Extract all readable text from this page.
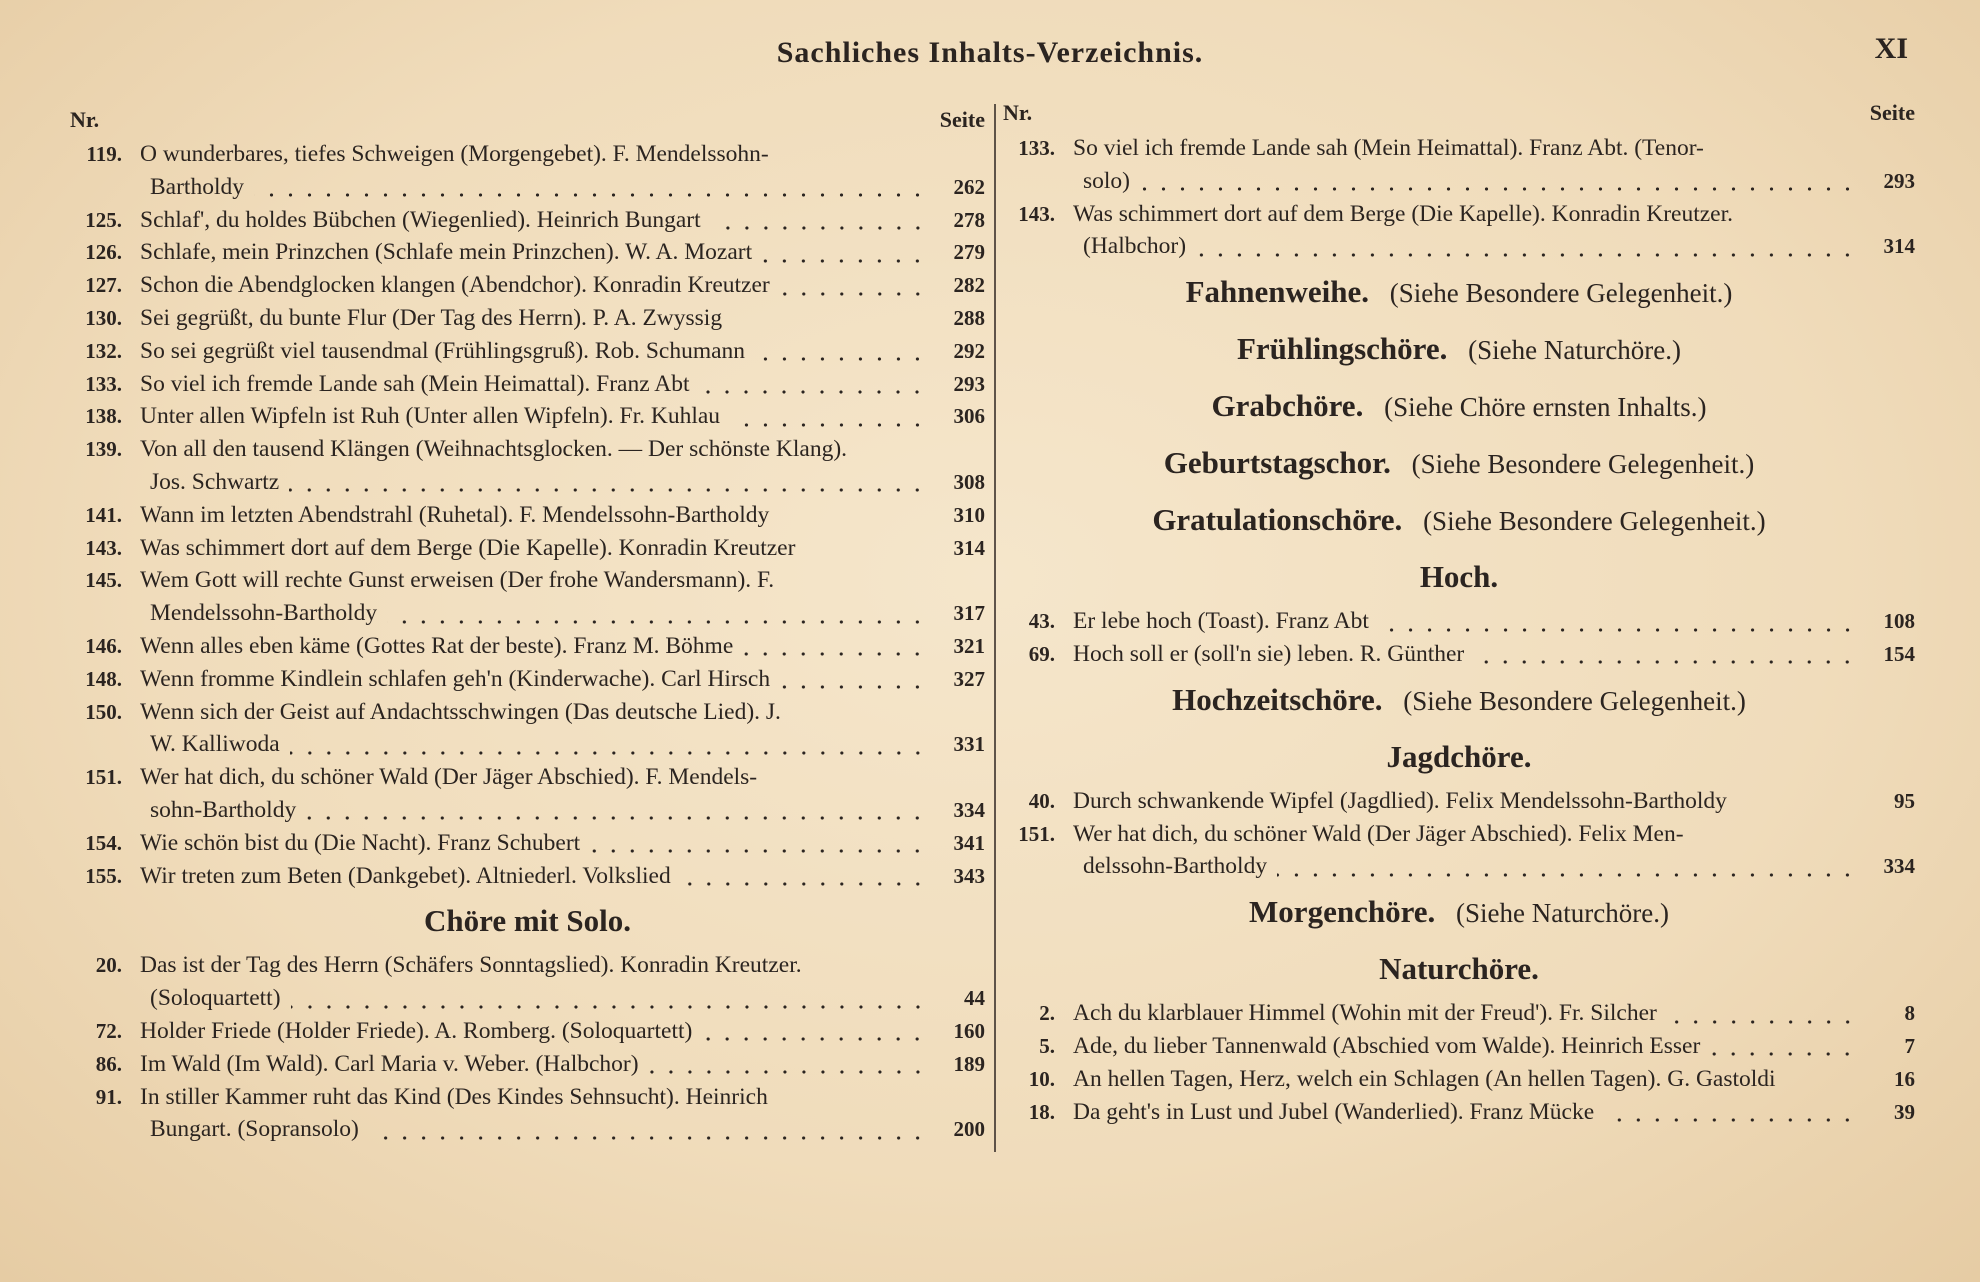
Sachliches Inhalts-Verzeichnis.	XI
Nr.	Seite
119. O wunderbares, tiefes Schweigen (Morgengebet). F. Mendelssohn-
Bartholdy	262
125. Schlaf', du holdes Bübchen (Wiegenlied). Heinrich Bungart	278
126. Schlafe, mein Prinzchen (Schlafe mein Prinzchen). W. A. Mozart	279
127. Schon die Abendglocken klangen (Abendchor). Konradin Kreutzer	282
130. Sei gegrüßt, du bunte Flur (Der Tag des Herrn). P. A. Zwyssig	288
132. So sei gegrüßt viel tausendmal (Frühlingsgruß). Rob. Schumann	292
133. So viel ich fremde Lande sah (Mein Heimattal). Franz Abt	293
138. Unter allen Wipfeln ist Ruh (Unter allen Wipfeln). Fr. Kuhlau	306
139. Von all den tausend Klängen (Weihnachtsglocken. — Der schönste Klang).
Jos. Schwartz	308
141. Wann im letzten Abendstrahl (Ruhetal). F. Mendelssohn-Bartholdy	310
143. Was schimmert dort auf dem Berge (Die Kapelle). Konradin Kreutzer	314
145. Wem Gott will rechte Gunst erweisen (Der frohe Wandersmann). F.
Mendelssohn-Bartholdy	317
146. Wenn alles eben käme (Gottes Rat der beste). Franz M. Böhme	321
148. Wenn fromme Kindlein schlafen geh'n (Kinderwache). Carl Hirsch	327
150. Wenn sich der Geist auf Andachtsschwingen (Das deutsche Lied). J.
W. Kalliwoda	331
151. Wer hat dich, du schöner Wald (Der Jäger Abschied). F. Mendels-
sohn-Bartholdy	334
154. Wie schön bist du (Die Nacht). Franz Schubert	341
155. Wir treten zum Beten (Dankgebet). Altniederl. Volkslied	343
Chöre mit Solo.
20. Das ist der Tag des Herrn (Schäfers Sonntagslied). Konradin Kreutzer.
(Soloquartett)	44
72. Holder Friede (Holder Friede). A. Romberg. (Soloquartett)	160
86. Im Wald (Im Wald). Carl Maria v. Weber. (Halbchor)	189
91. In stiller Kammer ruht das Kind (Des Kindes Sehnsucht). Heinrich
Bungart. (Sopransolo)	200
Nr.	Seite
133. So viel ich fremde Lande sah (Mein Heimattal). Franz Abt. (Tenor-
solo)	293
143. Was schimmert dort auf dem Berge (Die Kapelle). Konradin Kreutzer.
(Halbchor)	314
Fahnenweihe. (Siehe Besondere Gelegenheit.)
Frühlingschöre. (Siehe Naturchöre.)
Grabchöre. (Siehe Chöre ernsten Inhalts.)
Geburtstagschor. (Siehe Besondere Gelegenheit.)
Gratulationschöre. (Siehe Besondere Gelegenheit.)
Hoch.
43. Er lebe hoch (Toast). Franz Abt	108
69. Hoch soll er (soll'n sie) leben. R. Günther	154
Hochzeitschöre. (Siehe Besondere Gelegenheit.)
Jagdchöre.
40. Durch schwankende Wipfel (Jagdlied). Felix Mendelssohn-Bartholdy	95
151. Wer hat dich, du schöner Wald (Der Jäger Abschied). Felix Men-
delssohn-Bartholdy	334
Morgenchöre. (Siehe Naturchöre.)
Naturchöre.
2. Ach du klarblauer Himmel (Wohin mit der Freud'). Fr. Silcher	8
5. Ade, du lieber Tannenwald (Abschied vom Walde). Heinrich Esser	7
10. An hellen Tagen, Herz, welch ein Schlagen (An hellen Tagen). G. Gastoldi	16
18. Da geht's in Lust und Jubel (Wanderlied). Franz Mücke	39
